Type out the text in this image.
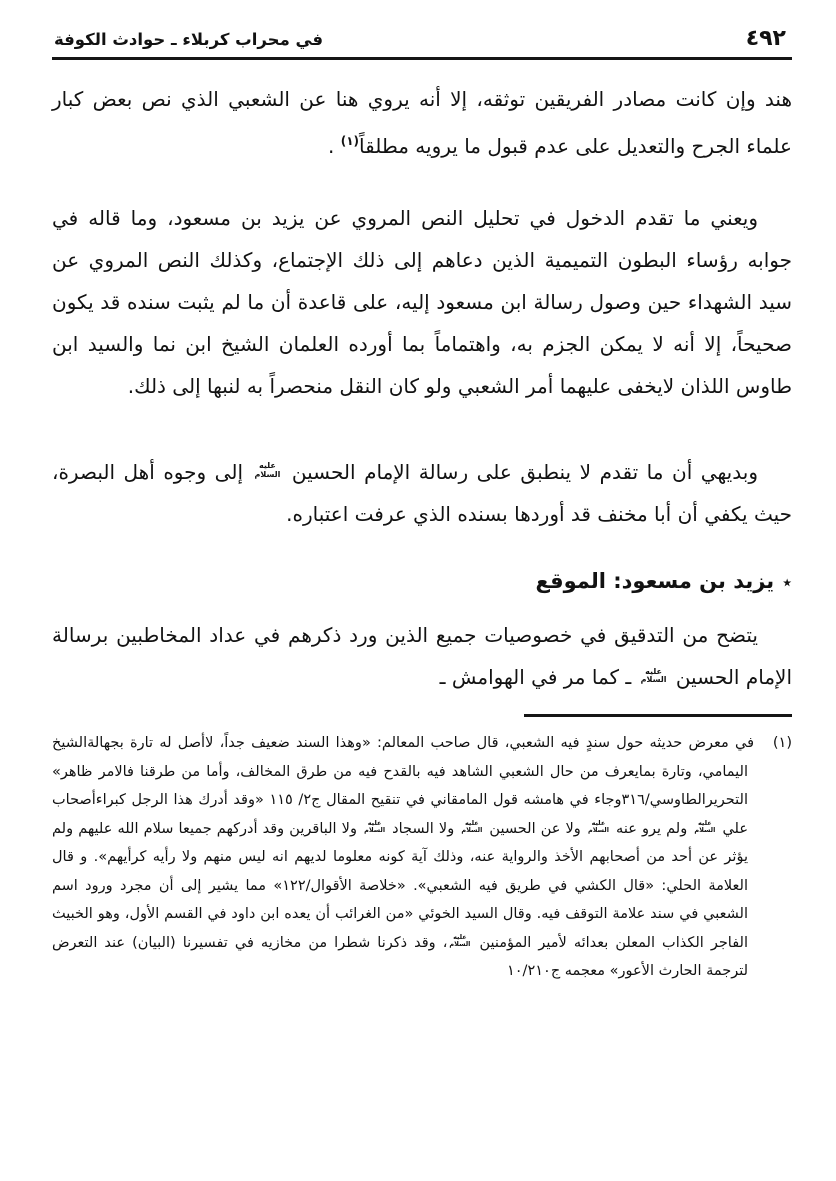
٤٩٢
في محراب كربلاء ـ حوادث الكوفة

هند وإن كانت مصادر الفريقين توثقه، إلا أنه يروي هنا عن الشعبي الذي نص بعض كبار علماء الجرح والتعديل على عدم قبول ما يرويه مطلقاً$^{(١)}$ .

ويعني ما تقدم الدخول في تحليل النص المروي عن يزيد بن مسعود، وما قاله في جوابه رؤساء البطون التميمية الذين دعاهم إلى ذلك الإجتماع، وكذلك النص المروي عن سيد الشهداء حين وصول رسالة ابن مسعود إليه، على قاعدة أن ما لم يثبت سنده قد يكون صحيحاً، إلا أنه لا يمكن الجزم به، واهتماماً بما أورده العلمان الشيخ ابن نما والسيد ابن طاوس اللذان لايخفى عليهما أمر الشعبي ولو كان النقل منحصراً به لنبها إلى ذلك.

وبديهي أن ما تقدم لا ينطبق على رسالة الإمام الحسين
عليه
السلام
إلى وجوه أهل البصرة، حيث يكفي أن أبا مخنف قد أوردها بسنده الذي عرفت اعتباره.

٭
يزيد بن مسعود: الموقع

يتضح من التدقيق في خصوصيات جميع الذين ورد ذكرهم في عداد المخاطبين برسالة الإمام الحسين
عليه
السلام
ـ كما مر في الهوامش ـ

(١)في معرض حديثه حول سندٍ فيه الشعبي، قال صاحب المعالم: «وهذا السند ضعيف جداً، لاأصل له تارة بجهالةالشيخ اليمامي، وتارة بمايعرف من حال الشعبي الشاهد فيه بالقدح فيه من طرق المخالف، وأما من طرقنا فالامر ظاهر» التحريرالطاوسي/٣١٦وجاء في هامشه قول المامقاني في تنقيح المقال ج٢/ ١١٥ «وقد أدرك هذا الرجل كبراءأصحاب علي
عليه
السلام
ولم يرو عنه
عليه
السلام
ولا عن الحسين
عليه
السلام
ولا السجاد
عليه
السلام
ولا الباقرين وقد أدركهم جميعا سلام الله عليهم ولم يؤثر عن أحد من أصحابهم الأخذ والرواية عنه، وذلك آية كونه معلوما لديهم انه ليس منهم ولا رأيه كرأيهم». و قال العلامة الحلي: «قال الكشي في طريق فيه الشعبي». «خلاصة الأقوال/١٢٢» مما يشير إلى أن مجرد ورود اسم الشعبي في سند علامة التوقف فيه. وقال السيد الخوئي «من الغرائب أن يعده ابن داود في القسم الأول، وهو الخبيث الفاجر الكذاب المعلن بعدائه لأمير المؤمنين
عليه
السلام
، وقد ذكرنا شطرا من مخازيه في تفسيرنا (البيان) عند التعرض لترجمة الحارث الأعور» معجمه ج١٠/٢١٠
